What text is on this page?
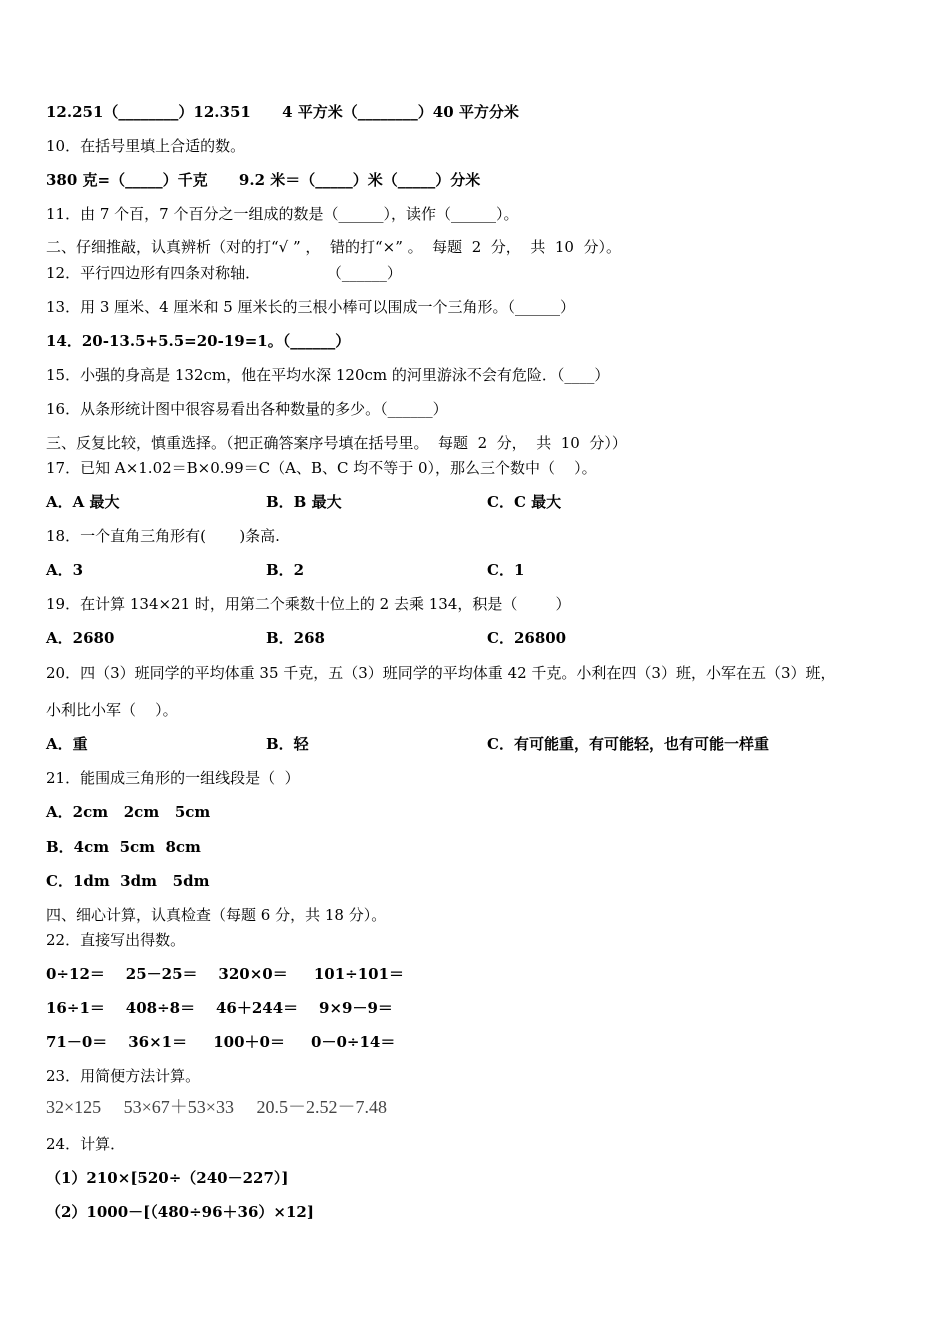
12.251（________）12.351      4 平方米（________）40 平方分米
10．在括号里填上合适的数。
380 克=（_____）千克      9.2 米＝（_____）米（_____）分米
11．由 7 个百，7 个百分之一组成的数是（______），读作（______）。
二、仔细推敲，认真辨析（对的打“√ ” ，  错的打“×” 。  每题  2  分，  共  10  分）。
12．平行四边形有四条对称轴．              （______）
13．用 3 厘米、4 厘米和 5 厘米长的三根小棒可以围成一个三角形。（______）
14．20-13.5+5.5=20-19=1。（______）
15．小强的身高是 132cm，他在平均水深 120cm 的河里游泳不会有危险．（____）
16．从条形统计图中很容易看出各种数量的多少。（______）
三、反复比较，慎重选择。（把正确答案序号填在括号里。  每题  2  分，  共  10  分））
17．已知 A×1.02＝B×0.99＝C（A、B、C 均不等于 0），那么三个数中（    ）。
A．A 最大	B．B 最大	C．C 最大
18．一个直角三角形有(       )条高.
A．3	B．2	C．1
19．在计算 134×21 时，用第二个乘数十位上的 2 去乘 134，积是（        ）
A．2680	B．268	C．26800
20．四（3）班同学的平均体重 35 千克，五（3）班同学的平均体重 42 千克。小利在四（3）班，小军在五（3）班，
小利比小军（    ）。
A．重	B．轻	C．有可能重，有可能轻，也有可能一样重
21．能围成三角形的一组线段是（  ）
A．2cm   2cm   5cm
B．4cm  5cm  8cm
C．1dm  3dm   5dm
四、细心计算，认真检查（每题 6 分，共 18 分）。
22．直接写出得数。
0÷12＝    25－25＝    320×0＝     101÷101＝
16÷1＝    408÷8＝    46＋244＝    9×9－9＝
71－0＝    36×1＝     100＋0＝     0－0÷14＝
23．用简便方法计算。
32×125     53×67＋53×33     20.5－2.52－7.48
24．计算．
（1）210×[520÷（240－227）]
（2）1000－[（480÷96＋36）×12]
